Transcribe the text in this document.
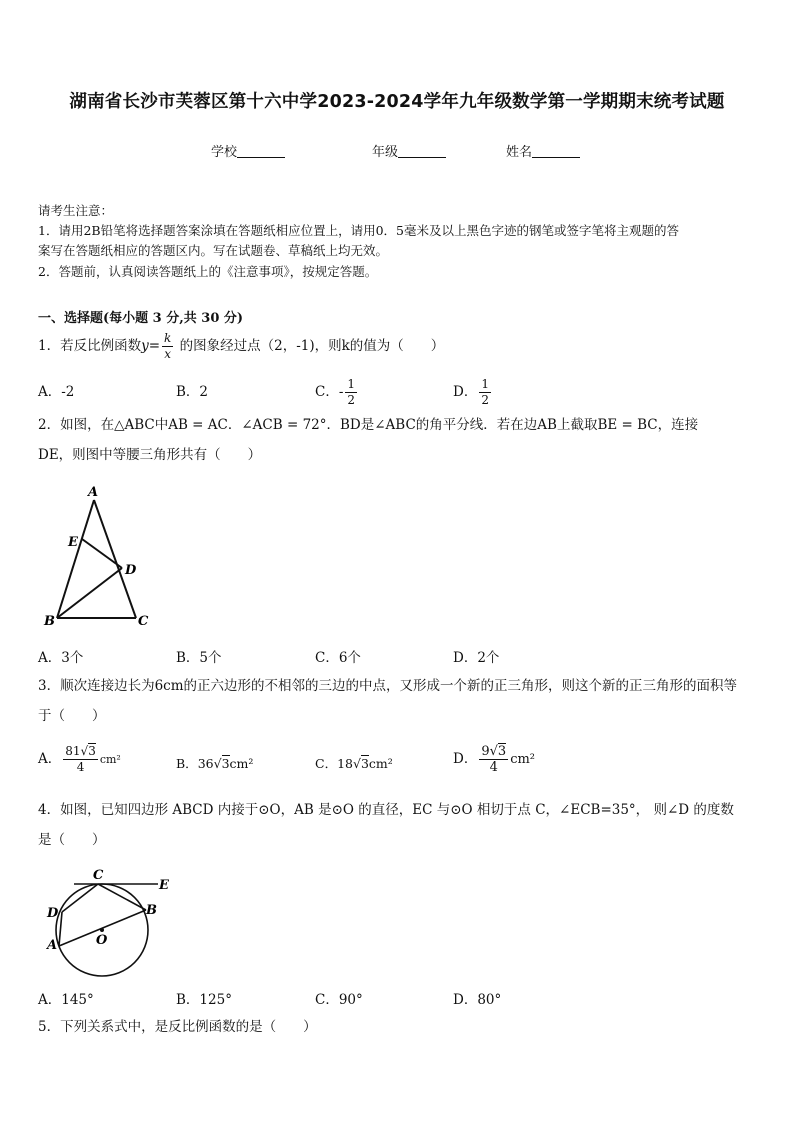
湖南省长沙市芙蓉区第十六中学2023-2024学年九年级数学第一学期期末统考试题
学校	年级	姓名
请考生注意：
1．请用2B铅笔将选择题答案涂填在答题纸相应位置上，请用0．5毫米及以上黑色字迹的钢笔或签字笔将主观题的答
案写在答题纸相应的答题区内。写在试题卷、草稿纸上均无效。
2．答题前，认真阅读答题纸上的《注意事项》，按规定答题。
一、选择题(每小题 3 分,共 30 分)
1．若反比例函数$y= \frac{k}{x}$ 的图象经过点（2，-1)，则k的值为（　　）
A．-2	B．2	C．- $\frac{1}{2}$	D． $\frac{1}{2}$
2．如图，在△ABC中AB = AC．∠ACB = 72°．BD是∠ABC的角平分线．若在边AB上截取BE = BC，连接
DE，则图中等腰三角形共有（　　）
A
E
D
B	C
A．3个	B．5个	C．6个	D．2个
3．顺次连接边长为6cm的正六边形的不相邻的三边的中点，又形成一个新的正三角形，则这个新的正三角形的面积等
于（　　）
A． $\frac{81√3}{4} cm^2$	B．36√3cm²	C．18√3cm²	D． $\frac{9√3}{4} cm^2$
4．如图，已知四边形 ABCD 内接于⊙O，AB 是⊙O 的直径，EC 与⊙O 相切于点 C，∠ECB=35°， 则∠D 的度数
是（　　）
C
E
D	B
A	O
A．145°	B．125°	C．90°	D．80°
5．下列关系式中，是反比例函数的是（　　）
